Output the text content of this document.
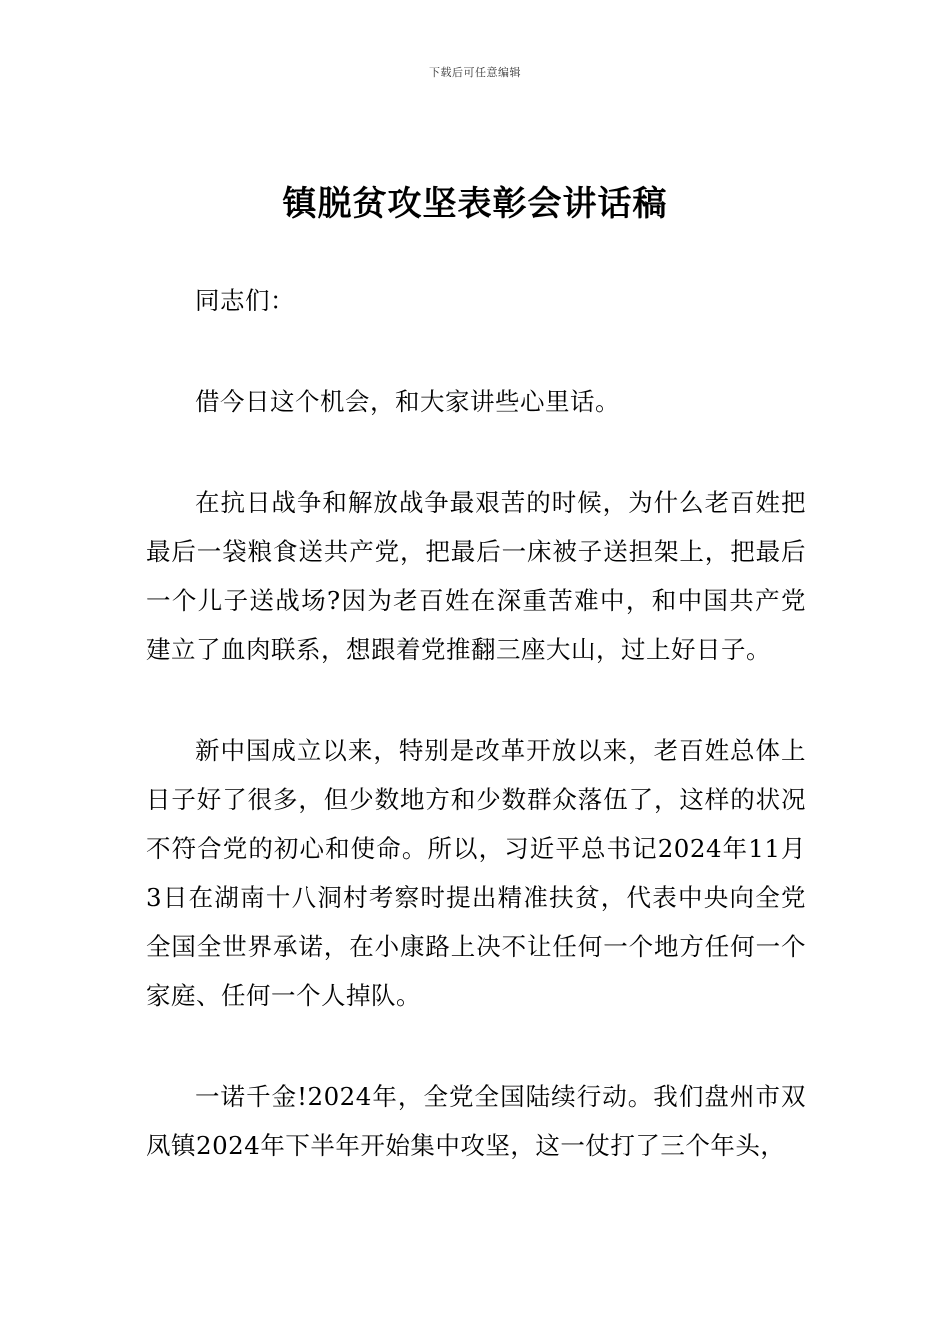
下载后可任意编辑
镇脱贫攻坚表彰会讲话稿

同志们：

借今日这个机会，和大家讲些心里话。

在抗日战争和解放战争最艰苦的时候，为什么老百姓把最后一袋粮食送共产党，把最后一床被子送担架上，把最后一个儿子送战场?因为老百姓在深重苦难中，和中国共产党建立了血肉联系，想跟着党推翻三座大山，过上好日子。

新中国成立以来，特别是改革开放以来，老百姓总体上日子好了很多，但少数地方和少数群众落伍了，这样的状况不符合党的初心和使命。所以，习近平总书记2024年11月3日在湖南十八洞村考察时提出精准扶贫，代表中央向全党全国全世界承诺，在小康路上决不让任何一个地方任何一个家庭、任何一个人掉队。

一诺千金!2024年，全党全国陆续行动。我们盘州市双凤镇2024年下半年开始集中攻坚，这一仗打了三个年头，
